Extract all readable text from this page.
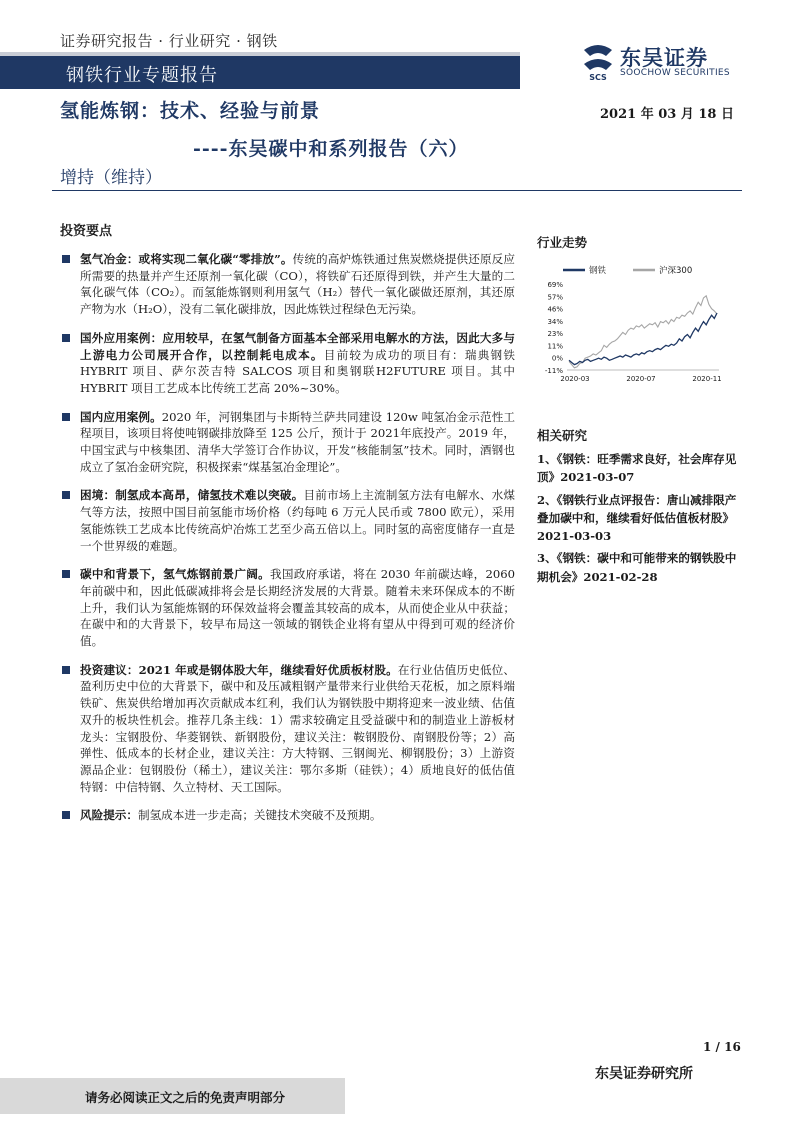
证券研究报告 · 行业研究 · 钢铁
钢铁行业专题报告	SCS
东吴证券
SOOCHOW SECURITIES
氢能炼钢：技术、经验与前景	2021 年 03 月 18 日
----东吴碳中和系列报告（六）
增持（维持）
投资要点
氢气冶金：或将实现二氧化碳“零排放”。传统的高炉炼铁通过焦炭燃烧提供还原反应所需要的热量并产生还原剂一氧化碳（CO），将铁矿石还原得到铁，并产生大量的二氧化碳气体（CO₂）。而氢能炼钢则利用氢气（H₂）替代一氧化碳做还原剂，其还原产物为水（H₂O），没有二氧化碳排放，因此炼铁过程绿色无污染。
国外应用案例：应用较早，在氢气制备方面基本全部采用电解水的方法，因此大多与上游电力公司展开合作，以控制耗电成本。目前较为成功的项目有：瑞典钢铁 HYBRIT 项目、萨尔茨吉特 SALCOS 项目和奥钢联H2FUTURE 项目。其中 HYBRIT 项目工艺成本比传统工艺高 20%~30%。
国内应用案例。2020 年，河钢集团与卡斯特兰萨共同建设 120w 吨氢冶金示范性工程项目，该项目将使吨钢碳排放降至 125 公斤，预计于 2021年底投产。2019 年，中国宝武与中核集团、清华大学签订合作协议，开发“核能制氢”技术。同时，酒钢也成立了氢冶金研究院，积极探索“煤基氢冶金理论”。
困境：制氢成本高昂，储氢技术难以突破。目前市场上主流制氢方法有电解水、水煤气等方法，按照中国目前氢能市场价格（约每吨 6 万元人民币或 7800 欧元），采用氢能炼铁工艺成本比传统高炉冶炼工艺至少高五倍以上。同时氢的高密度储存一直是一个世界级的难题。
碳中和背景下，氢气炼钢前景广阔。我国政府承诺，将在 2030 年前碳达峰，2060 年前碳中和，因此低碳减排将会是长期经济发展的大背景。随着未来环保成本的不断上升，我们认为氢能炼钢的环保效益将会覆盖其较高的成本，从而使企业从中获益；在碳中和的大背景下，较早布局这一领域的钢铁企业将有望从中得到可观的经济价值。
投资建议：2021 年或是钢体股大年，继续看好优质板材股。在行业估值历史低位、盈利历史中位的大背景下，碳中和及压减粗钢产量带来行业供给天花板，加之原料端铁矿、焦炭供给增加再次贡献成本红利，我们认为钢铁股中期将迎来一波业绩、估值双升的板块性机会。推荐几条主线：1）需求较确定且受益碳中和的制造业上游板材龙头：宝钢股份、华菱钢铁、新钢股份，建议关注：鞍钢股份、南钢股份等；2）高弹性、低成本的长材企业，建议关注：方大特钢、三钢闽光、柳钢股份；3）上游资源品企业：包钢股份（稀土），建议关注：鄂尔多斯（硅铁）；4）质地良好的低估值特钢：中信特钢、久立特材、天工国际。
风险提示：制氢成本进一步走高；关键技术突破不及预期。
行业走势
钢铁	沪深300
69%
57%
46%
34%
23%
11%
0%
-11%
2020-03	2020-07	2020-11
相关研究
1、《钢铁：旺季需求良好，社会库存见顶》2021-03-07
2、《钢铁行业点评报告：唐山减排限产叠加碳中和，继续看好低估值板材股》2021-03-03
3、《钢铁：碳中和可能带来的钢铁股中期机会》2021-02-28
1 / 16
东吴证券研究所
请务必阅读正文之后的免责声明部分
